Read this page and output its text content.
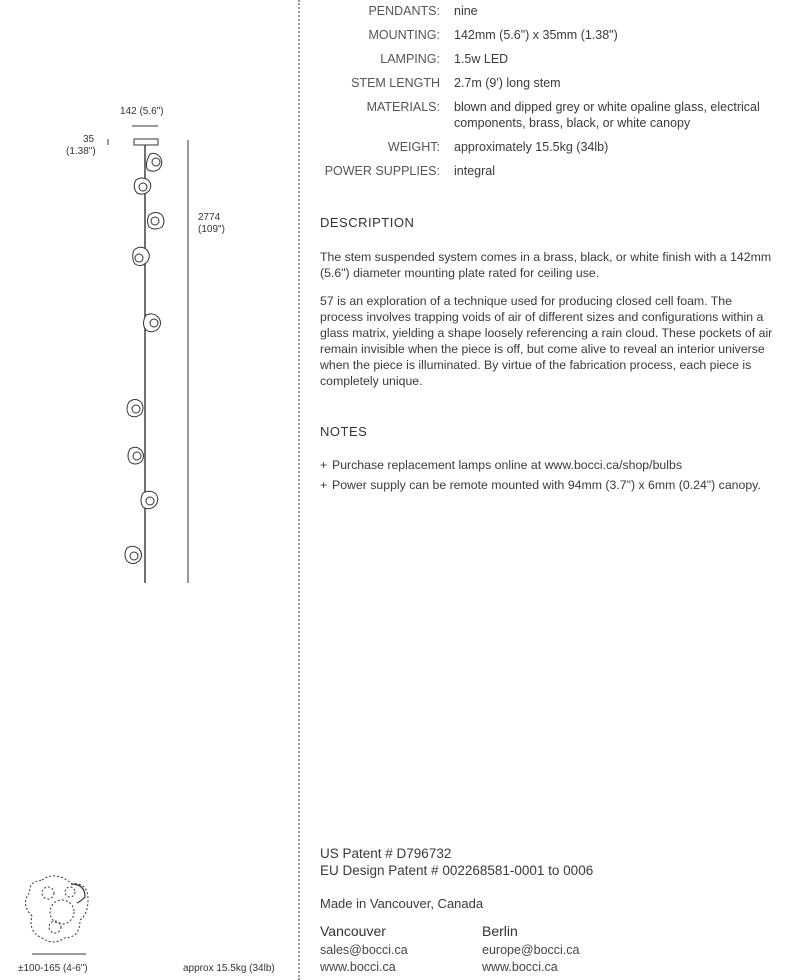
142 (5.6")
35
(1.38")
2774
(109")
±100-165 (4-6")	approx 15.5kg (34lb)
PENDANTS: nine
MOUNTING: 142mm (5.6") x 35mm (1.38")
LAMPING: 1.5w LED
STEM LENGTH 2.7m (9') long stem
MATERIALS: blown and dipped grey or white opaline glass, electrical components, brass, black, or white canopy
WEIGHT: approximately 15.5kg (34lb)
POWER SUPPLIES: integral
DESCRIPTION
The stem suspended system comes in a brass, black, or white finish with a 142mm (5.6") diameter mounting plate rated for ceiling use.
57 is an exploration of a technique used for producing closed cell foam. The process involves trapping voids of air of different sizes and configurations within a glass matrix, yielding a shape loosely referencing a rain cloud. These pockets of air remain invisible when the piece is off, but come alive to reveal an interior universe when the piece is illuminated. By virtue of the fabrication process, each piece is completely unique.
NOTES
+ Purchase replacement lamps online at www.bocci.ca/shop/bulbs
+ Power supply can be remote mounted with 94mm (3.7") x 6mm (0.24") canopy.
US Patent # D796732
EU Design Patent # 002268581-0001 to 0006
Made in Vancouver, Canada
Vancouver
sales@bocci.ca
www.bocci.ca
Berlin
europe@bocci.ca
www.bocci.ca
